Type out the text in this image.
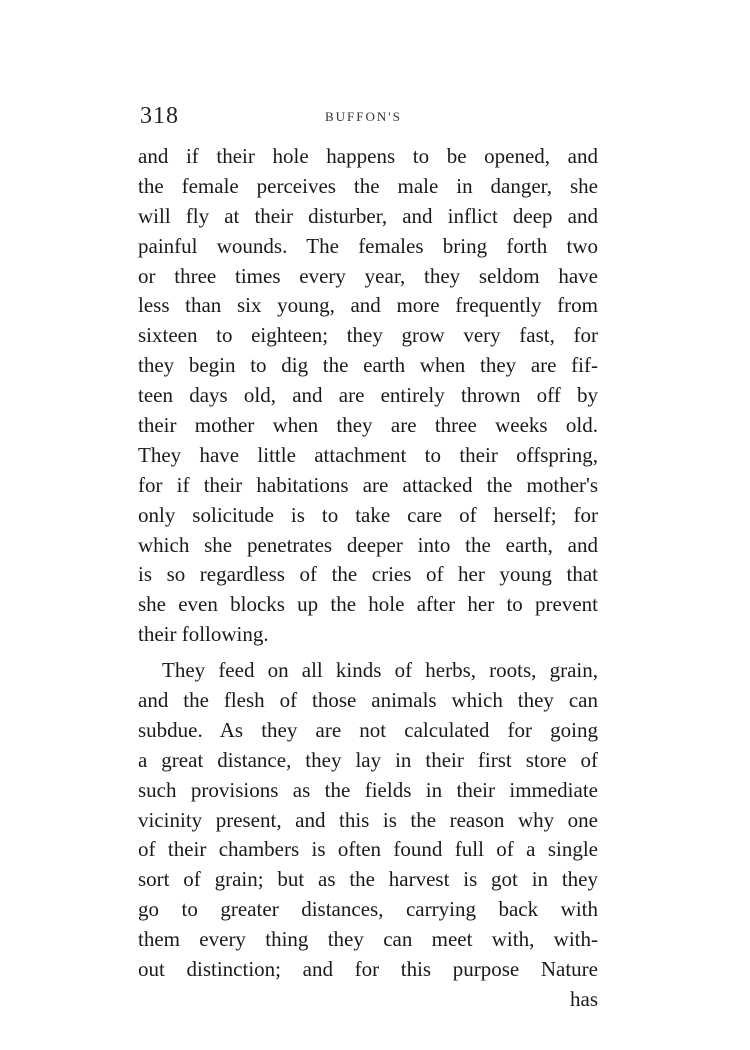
318	BUFFON'S
and if their hole happens to be opened, and
the female perceives the male in danger, she
will fly at their disturber, and inflict deep and
painful wounds. The females bring forth two
or three times every year, they seldom have
less than six young, and more frequently from
sixteen to eighteen; they grow very fast, for
they begin to dig the earth when they are fif-
teen days old, and are entirely thrown off by
their mother when they are three weeks old.
They have little attachment to their offspring,
for if their habitations are attacked the mother's
only solicitude is to take care of herself; for
which she penetrates deeper into the earth, and
is so regardless of the cries of her young that
she even blocks up the hole after her to prevent
their following.
They feed on all kinds of herbs, roots, grain,
and the flesh of those animals which they can
subdue. As they are not calculated for going
a great distance, they lay in their first store of
such provisions as the fields in their immediate
vicinity present, and this is the reason why one
of their chambers is often found full of a single
sort of grain; but as the harvest is got in they
go to greater distances, carrying back with
them every thing they can meet with, with-
out distinction; and for this purpose Nature
has
